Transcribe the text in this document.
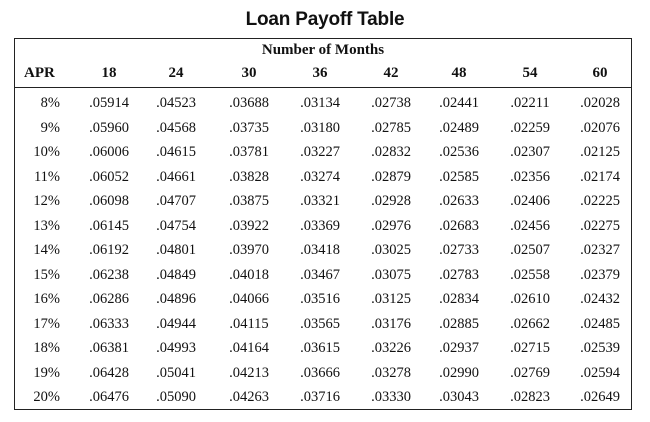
Loan Payoff Table
Number of Months
APR	18	24	30	36	42	48	54	60
8%	.05914	.04523	.03688	.03134	.02738	.02441	.02211	.02028
9%	.05960	.04568	.03735	.03180	.02785	.02489	.02259	.02076
10%	.06006	.04615	.03781	.03227	.02832	.02536	.02307	.02125
11%	.06052	.04661	.03828	.03274	.02879	.02585	.02356	.02174
12%	.06098	.04707	.03875	.03321	.02928	.02633	.02406	.02225
13%	.06145	.04754	.03922	.03369	.02976	.02683	.02456	.02275
14%	.06192	.04801	.03970	.03418	.03025	.02733	.02507	.02327
15%	.06238	.04849	.04018	.03467	.03075	.02783	.02558	.02379
16%	.06286	.04896	.04066	.03516	.03125	.02834	.02610	.02432
17%	.06333	.04944	.04115	.03565	.03176	.02885	.02662	.02485
18%	.06381	.04993	.04164	.03615	.03226	.02937	.02715	.02539
19%	.06428	.05041	.04213	.03666	.03278	.02990	.02769	.02594
20%	.06476	.05090	.04263	.03716	.03330	.03043	.02823	.02649
